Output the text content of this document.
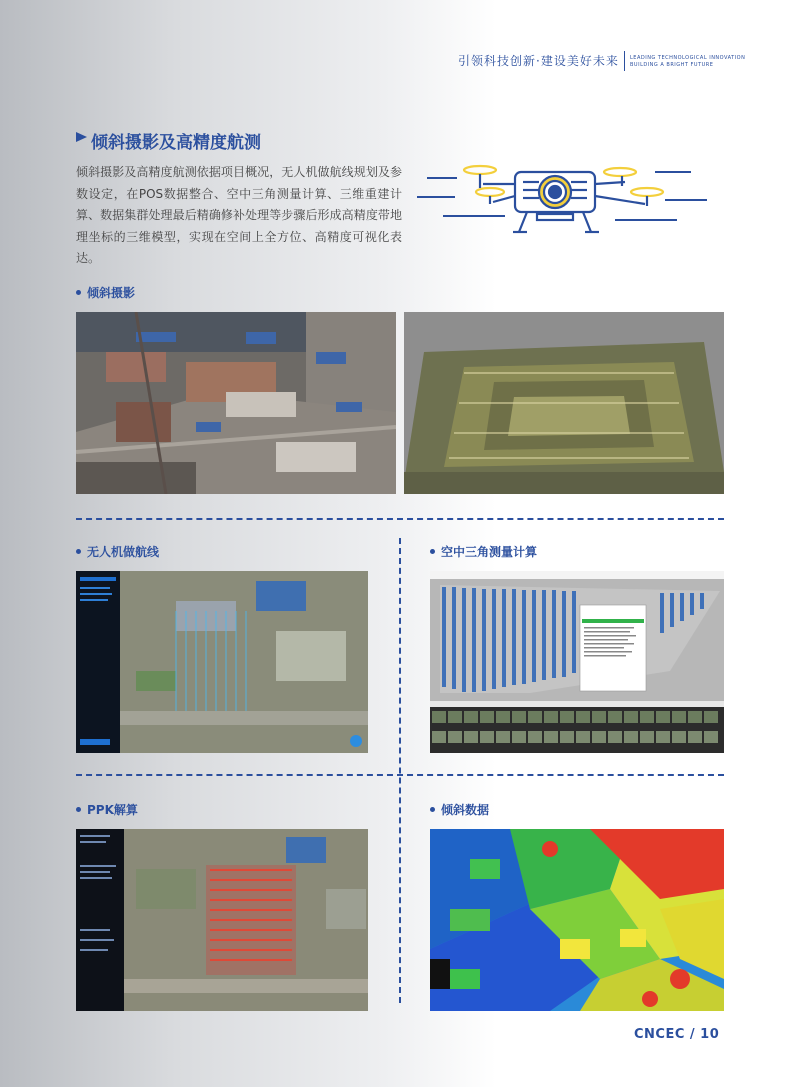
引领科技创新·建设美好未来 LEADING TECHNOLOGICAL INNOVATION
BUILDING A BRIGHT FUTURE
倾斜摄影及高精度航测
倾斜摄影及高精度航测依据项目概况，无人机做航线规划及参数设定，在POS数据整合、空中三角测量计算、三维重建计算、数据集群处理最后精确修补处理等步骤后形成高精度带地理坐标的三维模型，实现在空间上全方位、高精度可视化表达。
倾斜摄影
无人机做航线	空中三角测量计算
PPK解算	倾斜数据
CNCEC / 10
